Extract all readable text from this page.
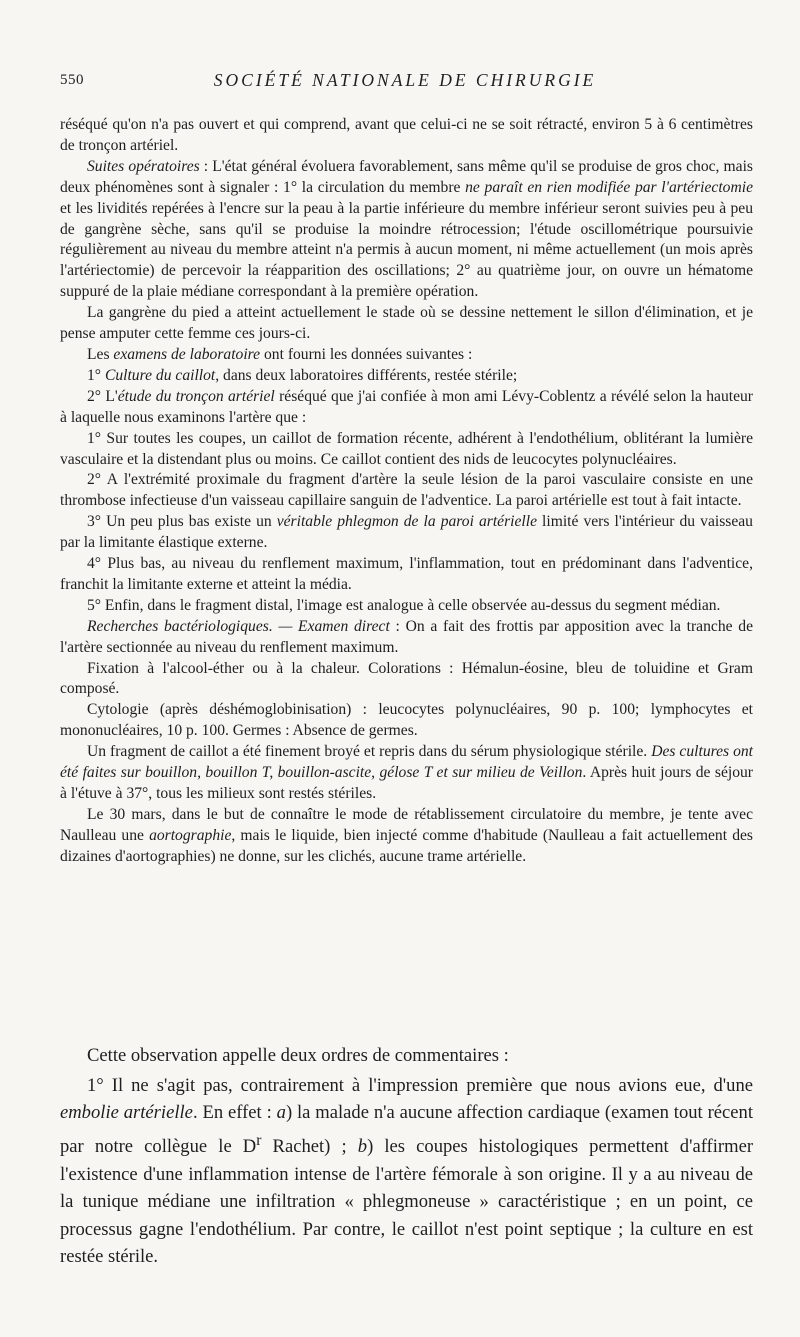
550	SOCIÉTÉ NATIONALE DE CHIRURGIE

réséqué qu'on n'a pas ouvert et qui comprend, avant que celui-ci ne se soit rétracté, environ 5 à 6 centimètres de tronçon artériel.

Suites opératoires : L'état général évoluera favorablement, sans même qu'il se produise de gros choc, mais deux phénomènes sont à signaler : 1° la circulation du membre ne paraît en rien modifiée par l'artériectomie et les lividités repérées à l'encre sur la peau à la partie inférieure du membre inférieur seront suivies peu à peu de gangrène sèche, sans qu'il se produise la moindre rétrocession; l'étude oscillométrique poursuivie régulièrement au niveau du membre atteint n'a permis à aucun moment, ni même actuellement (un mois après l'artériectomie) de percevoir la réapparition des oscillations; 2° au quatrième jour, on ouvre un hématome suppuré de la plaie médiane correspondant à la première opération.

La gangrène du pied a atteint actuellement le stade où se dessine nettement le sillon d'élimination, et je pense amputer cette femme ces jours-ci.

Les examens de laboratoire ont fourni les données suivantes :

1° Culture du caillot, dans deux laboratoires différents, restée stérile;

2° L'étude du tronçon artériel réséqué que j'ai confiée à mon ami Lévy-Coblentz a révélé selon la hauteur à laquelle nous examinons l'artère que :

1° Sur toutes les coupes, un caillot de formation récente, adhérent à l'endothélium, oblitérant la lumière vasculaire et la distendant plus ou moins. Ce caillot contient des nids de leucocytes polynucléaires.

2° A l'extrémité proximale du fragment d'artère la seule lésion de la paroi vasculaire consiste en une thrombose infectieuse d'un vaisseau capillaire sanguin de l'adventice. La paroi artérielle est tout à fait intacte.

3° Un peu plus bas existe un véritable phlegmon de la paroi artérielle limité vers l'intérieur du vaisseau par la limitante élastique externe.

4° Plus bas, au niveau du renflement maximum, l'inflammation, tout en prédominant dans l'adventice, franchit la limitante externe et atteint la média.

5° Enfin, dans le fragment distal, l'image est analogue à celle observée au-dessus du segment médian.

Recherches bactériologiques. — Examen direct : On a fait des frottis par apposition avec la tranche de l'artère sectionnée au niveau du renflement maximum.

Fixation à l'alcool-éther ou à la chaleur. Colorations : Hémalun-éosine, bleu de toluidine et Gram composé.

Cytologie (après déshémoglobinisation) : leucocytes polynucléaires, 90 p. 100; lymphocytes et mononucléaires, 10 p. 100. Germes : Absence de germes.

Un fragment de caillot a été finement broyé et repris dans du sérum physiologique stérile. Des cultures ont été faites sur bouillon, bouillon T, bouillon-ascite, gélose T et sur milieu de Veillon. Après huit jours de séjour à l'étuve à 37°, tous les milieux sont restés stériles.

Le 30 mars, dans le but de connaître le mode de rétablissement circulatoire du membre, je tente avec Naulleau une aortographie, mais le liquide, bien injecté comme d'habitude (Naulleau a fait actuellement des dizaines d'aortographies) ne donne, sur les clichés, aucune trame artérielle.

Cette observation appelle deux ordres de commentaires :

1° Il ne s'agit pas, contrairement à l'impression première que nous avions eue, d'une embolie artérielle. En effet : a) la malade n'a aucune affection cardiaque (examen tout récent par notre collègue le $D^r$ Rachet) ; b) les coupes histologiques permettent d'affirmer l'existence d'une inflammation intense de l'artère fémorale à son origine. Il y a au niveau de la tunique médiane une infiltration « phlegmoneuse » caractéristique ; en un point, ce processus gagne l'endothélium. Par contre, le caillot n'est point septique ; la culture en est restée stérile.
